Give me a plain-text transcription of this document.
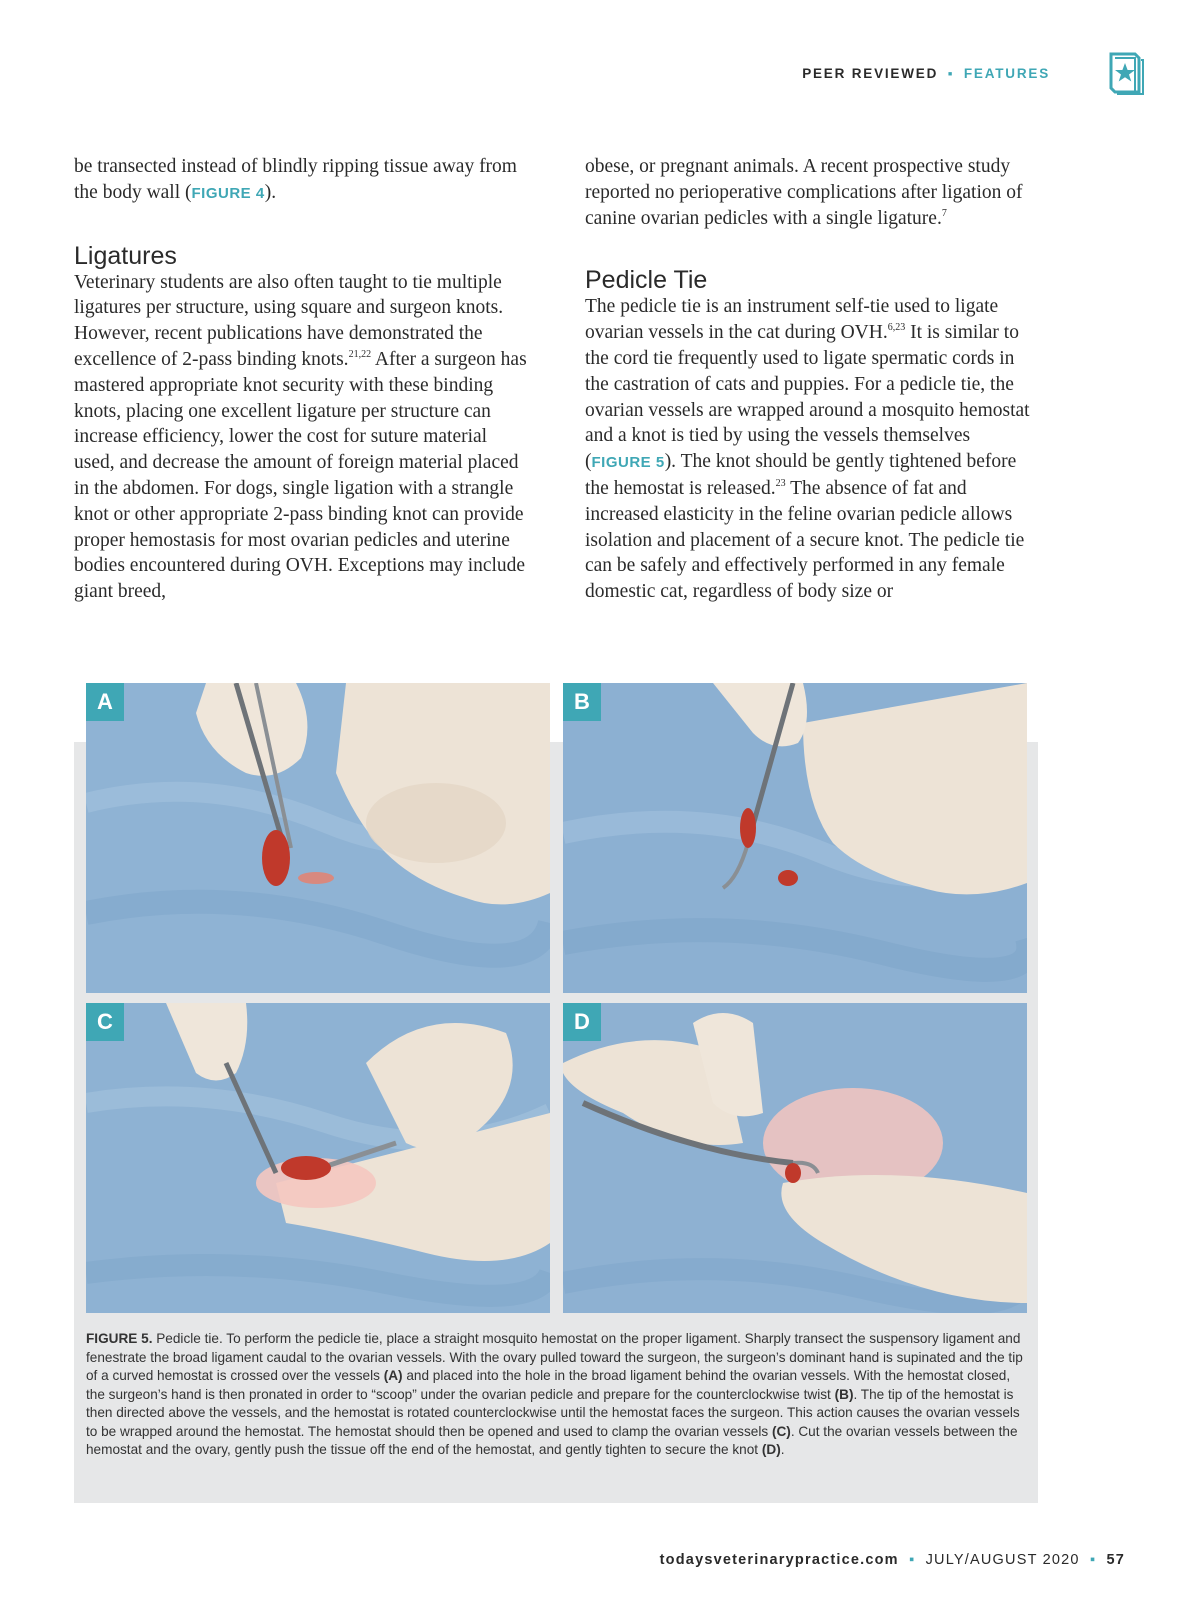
PEER REVIEWED ▪ FEATURES

be transected instead of blindly ripping tissue away from the body wall (FIGURE 4).

Ligatures

Veterinary students are also often taught to tie multiple ligatures per structure, using square and surgeon knots. However, recent publications have demonstrated the excellence of 2-pass binding knots.$^{21,22}$ After a surgeon has mastered appropriate knot security with these binding knots, placing one excellent ligature per structure can increase efficiency, lower the cost for suture material used, and decrease the amount of foreign material placed in the abdomen. For dogs, single ligation with a strangle knot or other appropriate 2-pass binding knot can provide proper hemostasis for most ovarian pedicles and uterine bodies encountered during OVH. Exceptions may include giant breed,

obese, or pregnant animals. A recent prospective study reported no perioperative complications after ligation of canine ovarian pedicles with a single ligature.$^7$

Pedicle Tie

The pedicle tie is an instrument self-tie used to ligate ovarian vessels in the cat during OVH.$^{6,23}$ It is similar to the cord tie frequently used to ligate spermatic cords in the castration of cats and puppies. For a pedicle tie, the ovarian vessels are wrapped around a mosquito hemostat and a knot is tied by using the vessels themselves (FIGURE 5). The knot should be gently tightened before the hemostat is released.$^{23}$ The absence of fat and increased elasticity in the feline ovarian pedicle allows isolation and placement of a secure knot. The pedicle tie can be safely and effectively performed in any female domestic cat, regardless of body size or

A	B
C	D
FIGURE 5. Pedicle tie. To perform the pedicle tie, place a straight mosquito hemostat on the proper ligament. Sharply transect the suspensory ligament and fenestrate the broad ligament caudal to the ovarian vessels. With the ovary pulled toward the surgeon, the surgeon’s dominant hand is supinated and the tip of a curved hemostat is crossed over the vessels (A) and placed into the hole in the broad ligament behind the ovarian vessels. With the hemostat closed, the surgeon’s hand is then pronated in order to “scoop” under the ovarian pedicle and prepare for the counterclockwise twist (B). The tip of the hemostat is then directed above the vessels, and the hemostat is rotated counterclockwise until the hemostat faces the surgeon. This action causes the ovarian vessels to be wrapped around the hemostat. The hemostat should then be opened and used to clamp the ovarian vessels (C). Cut the ovarian vessels between the hemostat and the ovary, gently push the tissue off the end of the hemostat, and gently tighten to secure the knot (D).
todaysveterinarypractice.com ▪ JULY/AUGUST 2020 ▪ 57
